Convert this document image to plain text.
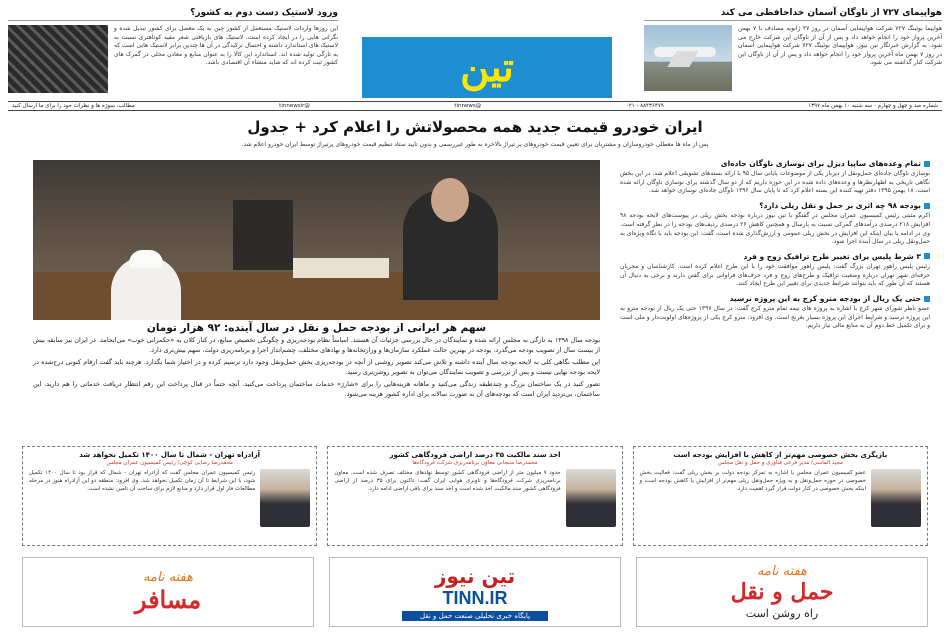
هواپیمای ۷۲۷ از ناوگان آسمان خداحافظی می کند
هواپیما بوئینگ ۷۲۷ شرکت هواپیمایی آسمان در روز ۲۷ ژانویه مصادف با ۷ بهمن آخرین پرواز خود را انجام خواهد داد و پس از آن از ناوگان این شرکت خارج می شود. به گزارش خبرنگار تین نیوز، هواپیمای بوئینگ ۷۲۷ شرکت هواپیمایی آسمان در روز ۷ بهمن ماه آخرین پرواز خود را انجام خواهد داد و پس از آن از ناوگان این شرکت کنار گذاشته می شود.
تین
ورود لاستیک دست دوم به کشور؟
این روزها واردات لاستیک مستعمل از کشور چین به یک معضل برای کشور تبدیل شده و نگرانی هایی را در ایجاد کرده است. لاستیک های بازیافتی شعر مفید کوتاهتری نسبت به لاستیک های استاندارد داشته و احتمال ترکیدگی در آن ها چندین برابر لاستیک هایی است که به تازگی تولید شده اند. استاندارد این کالا را به عنوان منابع و معادن محلی در گمرک های کشور ثبت کرده اند که شاید منشاء آن اقتصادی باشد.
شماره صد و چهل و چهارم - سه شنبه ۱۰ بهمن ماه ۱۳۹۷
۸۸۴۳۶۴۷۹ - ۰۲۱
@tinnews
@tinnewsir
مطالب، سوژه ها و نظرات خود را برای ما ارسال کنید
ایران خودرو قیمت جدید همه محصولاتش را اعلام کرد + جدول
پس از ماه ها معطلی خودروسازان و مشتریان برای تعیین قیمت خودروهای پر تیراژ بالاخره به طور غیررسمی و بدون تأیید ستاد تنظیم قیمت خودروهای پرتیراژ توسط ایران خودرو اعلام شد.
سهم هر ایرانی از بودجه حمل و نقل در سال آینده: ۹۲ هزار تومان

بودجه سال ۱۳۹۸ به تازگی به مجلس ارائه شده و نمایندگان در حال بررسی جزئیات آن هستند. اساساً نظام بودجه‌ریزی و چگونگی تخصیص منابع، در کنار کلان به «حکمرانی خوب» می‌انجامد. در ایران نیز سابقه بیش از بیست سال از تصویب بودجه می‌گذرد. بودجه در بهترین حالت عملکرد سازمان‌ها و وزارتخانه‌ها و نهادهای مختلف، چشم‌انداز اجرا و برنامه‌ریزی دولت، سهم بیش‌تری دارد.

این مطلب نگاهی کلی به لایحه بودجه سال آینده داشته و تلاش می‌کند تصویر روشنی از آنچه در بودجه‌ریزی بخش حمل‌ونقل وجود دارد ترسیم کرده و در اختیار شما بگذارد. هرچند باید گفت ارقام کنونی درج‌شده در لایحه بودجه نهایی نیست و پس از بررسی و تصویب نمایندگان می‌توان به تصویر روشن‌تری رسید.

تصور کنید در یک ساختمان بزرگ و چندطبقه زندگی می‌کنید و ماهانه هزینه‌هایی را برای «شارژ» خدمات ساختمان پرداخت می‌کنید. آنچه حتماً در قبال پرداخت این رقم انتظار دریافت خدماتی را هم دارید. این ساختمان، بی‌تردید ایران است که بودجه‌های آن به صورت سالانه برای اداره کشور هزینه می‌شود.

تمام وعده‌های ساپیا دیزل برای نوسازی ناوگان جاده‌ای
نوسازی ناوگان جاده‌ای حمل‌ونقل از دیرباز یکی از موضوعات پایانی سال ۹۵ با ارائه بسته‌های تشویقی اعلام شد. در این بخش نگاهی تاریخی به اظهارنظرها و وعده‌های داده شده در این حوزه داریم که از دو سال گذشته برای نوسازی ناوگان ارائه شده است. ۱۸ بهمن ۱۳۹۵ دفتر تهیه کننده این بسته اعلام کرد که تا پایان سال ۱۳۹۶ ناوگان جاده‌ای نوسازی خواهد شد.
بودجه ۹۸ چه اثری بر حمل و نقل ریلی دارد؟
اکرم مثبتی رئیس کمیسیون عمران مجلس در گفتگو با تین نیوز درباره بودجه بخش ریلی در پیوست‌های لایحه بودجه ۹۸ افزایش ۲۱۸ درصدی درآمدهای گمرکی نسبت به پارسال و همچنین کاهش ۲۶ درصدی ردیف‌های بودجه را در نظر گرفته است. وی در ادامه با بیان اینکه این افزایش در بخش ریلی عمومی و ارزش‌گذاری شده است، گفت: این بودجه باید با نگاه ویژه‌ای به حمل‌ونقل ریلی در سال آینده اجرا شود.
۳ شرط پلیس برای تغییر طرح ترافیک زوج و فرد
رئیس پلیس راهور تهران بزرگ گفت: پلیس راهور موافقت خود را با این طرح اعلام کرده است. کارشناسان و مجریان حرفه‌ای شهر تهران درباره وضعیت ترافیک و طرح‌های زوج و فرد حرف‌های فراوانی برای گفتن دارند و برخی به دنبال آن هستند که آن طور که باید بتوانند شرایط جدیدی برای تغییر این طرح ایجاد کنند.
حتی یک ریال از بودجه مترو کرج به این پروژه نرسید
عضو ناظر شورای شهر کرج با اشاره به پروژه های نیمه تمام مترو کرج گفت: در سال ۱۳۹۷ حتی یک ریال از بودجه مترو به این پروژه نرسید و شرایط اجرای این پروژه بسیار بغرنج است. وی افزود: مترو کرج یکی از پروژه‌های اولویت‌دار و ملی است و برای تکمیل خط دوم آن به منابع مالی نیاز داریم.
آزادراه تهران - شمال تا سال ۱۴۰۰ تکمیل نخواهد شد
محمدرضا رضایی کوچی/ رئیس کمیسیون عمران مجلس
رئیس کمیسیون عمران مجلس گفت که آزادراه تهران - شمال که قرار بود تا سال ۱۴۰۰ تکمیل شود، با این شرایط تا آن زمان تکمیل نخواهد شد. وی افزود: منطقه دو این آزادراه هنوز در مرحله مطالعات فاز اول قرار دارد و منابع لازم برای ساخت آن تامین نشده است.
اخذ سند مالکیت ۳۵ درصد اراضی فرودگاهی کشور
محمدرضا سبحانی معاون برنامه‌ریزی شرکت فرودگاه‌ها
حدود ۷ میلیون متر از اراضی فرودگاهی کشور توسط نهادهای مختلف تصرف شده است. معاون برنامه‌ریزی شرکت فرودگاه‌ها و ناوبری هوایی ایران گفت: تاکنون برای ۳۵ درصد از اراضی فرودگاهی کشور سند مالکیت اخذ شده است و اخذ سند برای باقی اراضی ادامه دارد.
بازیگری بخش خصوصی مهم‌تر از کاهش یا افزایش بودجه است
مجید الماسی/ مدیر فرعی فناوری و حمل و نقل مجلس
عضو کمیسیون عمران مجلس با اشاره به تمرکز بودجه دولت بر بخش ریلی گفت: فعالیت بخش خصوصی در حوزه حمل‌ونقل و به ویژه حمل‌ونقل ریلی مهم‌تر از افزایش یا کاهش بودجه است و اینکه بخش خصوصی در کنار دولت قرار گیرد اهمیت دارد.
هفته نامه
مسافر
تین نیوز
TINN.IR
پایگاه خبری تحلیلی صنعت حمل و نقل
هفته نامه
حمل و نقل
راه روشن است
